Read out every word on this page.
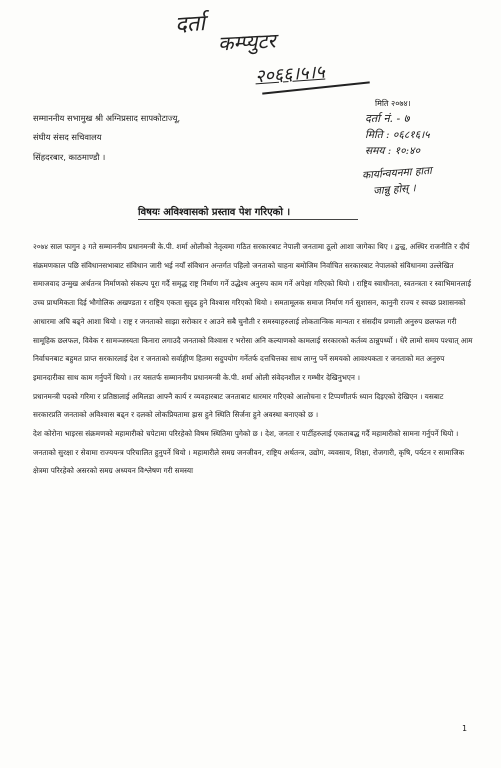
दर्ता
कम्प्युटर
२०६६।५।५
सम्माननीय सभामुख श्री अग्निप्रसाद सापकोटाज्यू,
संघीय संसद सचिवालय
सिंहदरबार, काठमाण्डौ ।
मिति २०७४।
दर्ता नं. - ७
मिति : ०६८१६।५
समय : १०:४०
कार्यान्वयनमा हाता
जान्नु होस् ।
विषयः अविश्वासको प्रस्ताव पेश गरिएको ।

२०७४ साल फागुन ३ गते सम्माननीय प्रधानमन्त्री के.पी. शर्मा ओलीको नेतृत्वमा गठित सरकारबाट नेपाली जनतामा ठूलो आशा जागेका थिए । द्वन्द्व, अस्थिर राजनीति र दीर्घ संक्रमणकाल पछि संविधानसभाबाट संविधान जारी भई नयाँ संविधान अन्तर्गत पहिलो जनताको चाहना बमोजिम निर्वाचित सरकारबाट नेपालको संविधानमा उल्लेखित समाजवाद उन्मुख अर्थतन्त्र निर्माणको संकल्प पूरा गर्दै समृद्ध राष्ट्र निर्माण गर्ने उद्धेश्य अनुरुप काम गर्ने अपेक्षा गरिएको थियो । राष्ट्रिय स्वाधीनता, स्वतन्त्रता र स्वाभिमानलाई उच्च प्राथमिकता दिई भौगोलिक अखण्डता र राष्ट्रिय एकता सुदृढ हुने विश्वास गरिएको थियो । समतामूलक समाज निर्माण गर्न सुशासन, कानुनी राज्य र स्वच्छ प्रशासनको आधारमा अघि बढ्ने आशा थियो । राष्ट्र र जनताको साझा सरोकार र आउने सबै चुनौती र समस्याहरुलाई लोकतान्त्रिक मान्यता र संसदीय प्रणाली अनुरुप छलफल गरी सामूहिक छलफल, विवेक र सामञ्जस्यता किनारा लगाउदै जनताको विश्वास र भरोसा अनि कल्याणको कामलाई सरकारको कर्तव्य ठान्नुपर्थ्यो । धेरै लामो समय पश्चात् आम निर्वाचनबाट बहुमत प्राप्त सरकारलाई देश र जनताको सर्वाङ्गीण हितमा सदुपयोग गर्नेतर्फ दत्तचित्तका साथ लाग्नु पर्ने समयको आवश्यकता र जनताको मत अनुरुप इमानदारीका साथ काम गर्नुपर्ने थियो । तर यसतर्फ सम्माननीय प्रधानमन्त्री के.पी. शर्मा ओली संवेदनशील र गम्भीर देखिनुभएन ।

प्रधानमन्त्री पदको गरिमा र प्रतिष्ठालाई अमिलडा आफ्नै कार्य र व्यवहारबाट जनताबाट धारमार गरिएको आलोचना र टिप्पणीतर्फ ध्यान दिइएको देखिएन । यसबाट सरकारप्रति जनताको अविश्वास बढ्न र दलको लोकप्रियतामा ह्रास हुने स्थिति सिर्जना हुने अवस्था बनाएको छ ।

देश कोरोना भाइरस संक्रमणको महामारीको चपेटामा परिरहेको विषम स्थितिमा पुगेको छ । देश, जनता र पार्टीहरुलाई एकताबद्ध गर्दै महामारीको सामना गर्नुपर्ने थियो । जनताको सुरक्षा र सेवामा राज्ययन्त्र परिचालित हुनुपर्ने थियो । महामारीले समग्र जनजीवन, राष्ट्रिय अर्थतन्त्र, उद्योग, व्यवसाय, शिक्षा, रोजगारी, कृषि, पर्यटन र सामाजिक क्षेत्रमा परिरहेको असरको समग्र अध्ययन विश्लेषण गरी समस्या

1
